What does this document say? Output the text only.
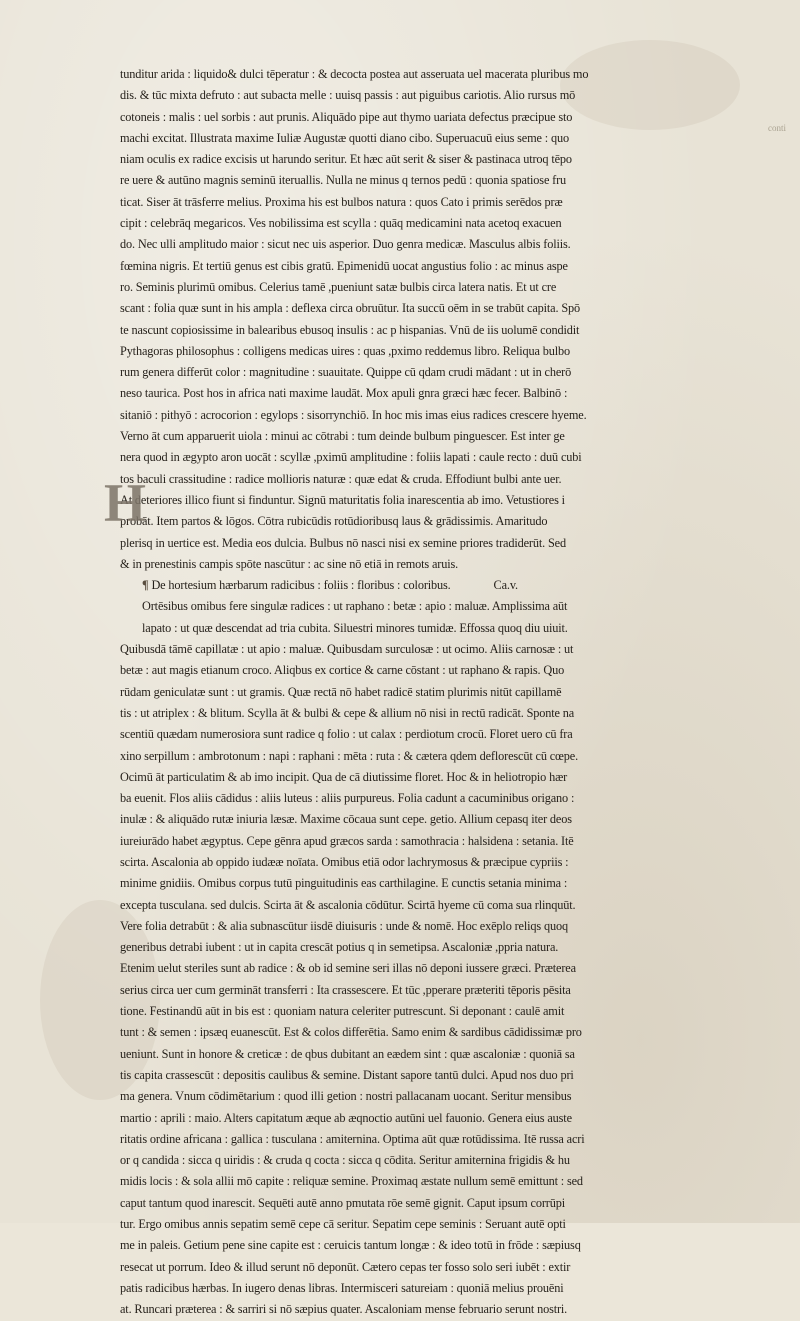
conti
tunditur arida : liquido& dulci tēperatur : & decocta postea aut asseruata uel macerata pluribus mo
dis. & tūc mixta defruto : aut subacta melle : uuisq passis : aut piguibus cariotis. Alio rursus mō
cotoneis : malis : uel sorbis : aut prunis. Aliquādo pipe aut thymo uariata defectus præcipue sto
machi excitat. Illustrata maxime Iuliæ Augustæ quotti diano cibo. Superuacuū eius seme : quo
niam oculis ex radice excisis ut harundo seritur. Et hæc aūt serit & siser & pastinaca utroq tēpo
re uere & autūno magnis seminū iteruallis. Nulla ne minus q ternos pedū : quonia spatiose fru
ticat. Siser āt trāsferre melius. Proxima his est bulbos natura : quos Cato i primis serēdos præ
cipit : celebrāq megaricos. Ves nobilissima est scylla : quāq medicamini nata acetoq exacuen
do. Nec ulli amplitudo maior : sicut nec uis asperior. Duo genra medicæ. Masculus albis foliis.
fœmina nigris. Et tertiū genus est cibis gratū. Epimenidū uocat angustius folio : ac minus aspe
ro. Seminis plurimū omibus. Celerius tamē ,pueniunt satæ bulbis circa latera natis. Et ut cre
scant : folia quæ sunt in his ampla : deflexa circa obruūtur. Ita succū oēm in se trabūt capita. Spō
te nascunt copiosissime in balearibus ebusoq insulis : ac p hispanias. Vnū de iis uolumē condidit
Pythagoras philosophus : colligens medicas uires : quas ,pximo reddemus libro. Reliqua bulbo
rum genera differūt color : magnitudine : suauitate. Quippe cū qdam crudi mādant : ut in cherō
neso taurica. Post hos in africa nati maxime laudāt. Mox apuli gnra græci hæc fecer. Balbinō :
sitaniō : pithyō : acrocorion : egylops : sisorrynchiō. In hoc mis imas eius radices crescere hyeme.
Verno āt cum apparuerit uiola : minui ac cōtrabi : tum deinde bulbum pinguescer. Est inter ge
nera quod in ægypto aron uocāt : scyllæ ,pximū amplitudine : foliis lapati : caule recto : duū cubi
tos baculi crassitudine : radice mollioris naturæ : quæ edat & cruda. Effodiunt bulbi ante uer.
At deteriores illico fiunt si finduntur. Signū maturitatis folia inarescentia ab imo. Vetustiores i
probāt. Item partos & lōgos. Cōtra rubicūdis rotūdioribusq laus & grādissimis. Amaritudo
plerisq in uertice est. Media eos dulcia. Bulbus nō nasci nisi ex semine priores tradiderūt. Sed
& in prenestinis campis spōte nascūtur : ac sine nō etiā in remots aruis.
¶ De hortesium hærbarum radicibus : foliis : floribus : coloribus.	Ca.v.
Ortēsibus omibus fere singulæ radices : ut raphano : betæ : apio : maluæ. Amplissima aūt
lapato : ut quæ descendat ad tria cubita. Siluestri minores tumidæ. Effossa quoq diu uiuit.
Quibusdā tāmē capillatæ : ut apio : maluæ. Quibusdam surculosæ : ut ocimo. Aliis carnosæ : ut
betæ : aut magis etianum croco. Aliqbus ex cortice & carne cōstant : ut raphano & rapis. Quo
rūdam geniculatæ sunt : ut gramis. Quæ rectā nō habet radicē statim plurimis nitūt capillamē
tis : ut atriplex : & blitum. Scylla āt & bulbi & cepe & allium nō nisi in rectū radicāt. Sponte na
scentiū quædam numerosiora sunt radice q folio : ut calax : perdiotum crocū. Floret uero cū fra
xino serpillum : ambrotonum : napi : raphani : mēta : ruta : & cætera qdem deflorescūt cū cœpe.
Ocimū āt particulatim & ab imo incipit. Qua de cā diutissime floret. Hoc & in heliotropio hær
ba euenit. Flos aliis cādidus : aliis luteus : aliis purpureus. Folia cadunt a cacuminibus origano :
inulæ : & aliquādo rutæ iniuria læsæ. Maxime cōcaua sunt cepe. getio. Allium cepasq iter deos
iureiurādo habet ægyptus. Cepe gēnra apud græcos sarda : samothracia : halsidena : setania. Itē
scirta. Ascalonia ab oppido iudææ noīata. Omibus etiā odor lachrymosus & præcipue cypriis :
minime gnidiis. Omibus corpus tutū pinguitudinis eas carthilagine. E cunctis setania minima :
excepta tusculana. sed dulcis. Scirta āt & ascalonia cōdūtur. Scirtā hyeme cū coma sua rlinquūt.
Vere folia detrabūt : & alia subnascūtur iisdē diuisuris : unde & nomē. Hoc exēplo reliqs quoq
generibus detrabi iubent : ut in capita crescāt potius q in semetipsa. Ascaloniæ ,ppria natura.
Etenim uelut steriles sunt ab radice : & ob id semine seri illas nō deponi iussere græci. Præterea
serius circa uer cum germināt transferri : Ita crassescere. Et tūc ,pperare præteriti tēporis pēsita
tione. Festinandū aūt in bis est : quoniam natura celeriter putrescunt. Si deponant : caulē amit
tunt : & semen : ipsæq euanescūt. Est & colos differētia. Samo enim & sardibus cādidissimæ pro
ueniunt. Sunt in honore & creticæ : de qbus dubitant an eædem sint : quæ ascaloniæ : quoniā sa
tis capita crassescūt : depositis caulibus & semine. Distant sapore tantū dulci. Apud nos duo pri
ma genera. Vnum cōdimētarium : quod illi getion : nostri pallacanam uocant. Seritur mensibus
martio : aprili : maio. Alters capitatum æque ab æqnoctio autūni uel fauonio. Genera eius auste
ritatis ordine africana : gallica : tusculana : amiternina. Optima aūt quæ rotūdissima. Itē russa acri
or q candida : sicca q uiridis : & cruda q cocta : sicca q cōdita. Seritur amiternina frigidis & hu
midis locis : & sola allii mō capite : reliquæ semine. Proximaq æstate nullum semē emittunt : sed
caput tantum quod inarescit. Sequēti autē anno pmutata rōe semē gignit. Caput ipsum corrūpi
tur. Ergo omibus annis sepatim semē cepe cā seritur. Sepatim cepe seminis : Seruant autē opti
me in paleis. Getium pene sine capite est : ceruicis tantum longæ : & ideo totū in frōde : sæpiusq
resecat ut porrum. Ideo & illud serunt nō deponūt. Cætero cepas ter fosso solo seri iubēt : extir
patis radicibus hærbas. In iugero denas libras. Intermisceri satureiam : quoniā melius prouēni
at. Runcari præterea : & sarriri si nō sæpius quater. Ascaloniam mense februario serunt nostri.
H
